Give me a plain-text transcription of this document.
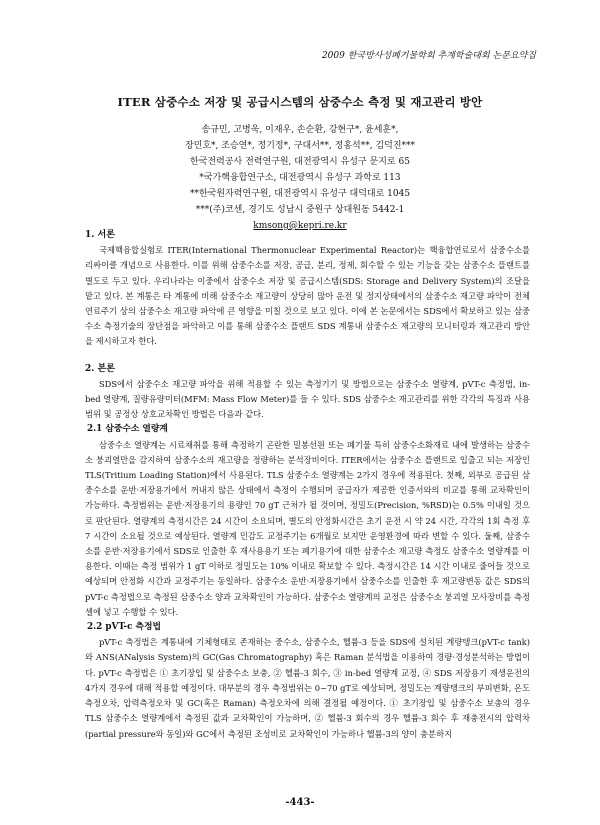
2009 한국방사성폐기물학회 추계학술대회 논문요약집
ITER 삼중수소 저장 및 공급시스템의 삼중수소 측정 및 재고관리 방안
송규민, 고병욱, 이재우, 손순환, 강현구*, 윤세훈*,
장민호*, 조승연*, 정기정*, 구대서**, 정홍석**, 김덕진***
한국전력공사 전력연구원, 대전광역시 유성구 문지로 65
*국가핵융합연구소, 대전광역시 유성구 과학로 113
**한국원자력연구원, 대전광역시 유성구 대덕대로 1045
***(주)코센, 경기도 성남시 중원구 상대원동 5442-1
kmsong@kepri.re.kr
1. 서론

국제핵융합실험로 ITER(International Thermonuclear Experimental Reactor)는 핵융합연료로서 삼중수소를 리싸이클 개념으로 사용한다. 이를 위해 삼중수소를 저장, 공급, 분리, 정제, 회수할 수 있는 기능을 갖는 삼중수소 플랜트를 별도로 두고 있다. 우리나라는 이중에서 삼중수소 저장 및 공급시스템(SDS: Storage and Delivery System)의 조달을 맡고 있다. 본 계통은 타 계통에 비해 삼중수소 재고량이 상당히 많아 운전 및 정지상태에서의 삼중수소 재고량 파악이 전체 연료주기 상의 삼중수소 재고량 파악에 큰 영향을 미칠 것으로 보고 있다. 이에 본 논문에서는 SDS에서 확보하고 있는 삼중수소 측정기술의 장단점을 파악하고 이를 통해 삼중수소 플랜트 SDS 계통내 삼중수소 재고량의 모니터링과 재고관리 방안을 제시하고자 한다.

2. 본론

SDS에서 삼중수소 재고량 파악을 위해 적용할 수 있는 측정기기 및 방법으로는 삼중수소 열량계, pVT-c 측정법, in-bed 열량계, 질량유량미터(MFM: Mass Flow Meter)를 들 수 있다. SDS 삼중수소 재고관리를 위한 각각의 특징과 사용 범위 및 공정상 상호교차확인 방법은 다음과 같다.

2.1 삼중수소 열량계

삼중수소 열량계는 시료채취를 통해 측정하기 곤란한 밀봉선원 또는 폐기물 특히 삼중수소화재료 내에 발생하는 삼중수소 붕괴열만을 감지하여 삼중수소의 재고량을 정량하는 분석장비이다. ITER에서는 삼중수소 플랜트로 입출고 되는 저장인 TLS(Tritium Loading Station)에서 사용된다. TLS 삼중수소 열량계는 2가지 경우에 적용된다. 첫째, 외부로 공급된 삼중수소를 운반·저장용기에서 꺼내지 않은 상태에서 측정이 수행되며 공급자가 제공한 인증서와의 비교를 통해 교차확인이 가능하다. 측정범위는 운반·저장용기의 용량인 70 gT 근처가 될 것이며, 정밀도(Precision, %RSD)는 0.5% 이내일 것으로 판단된다. 열량계의 측정시간은 24 시간이 소요되며, 별도의 안정화시간은 초기 운전 시 약 24 시간, 각각의 1회 측정 후 7 시간이 소요될 것으로 예상된다. 열량계 민감도 교정주기는 6개월로 보지만 운영환경에 따라 변할 수 있다. 둘째, 삼중수소를 운반·저장용기에서 SDS로 인출한 후 재사용용기 또는 폐기용기에 대한 삼중수소 재고량 측정도 삼중수소 열량계를 이용한다. 이때는 측정 범위가 1 gT 이하로 정밀도는 10% 이내로 확보할 수 있다. 측정시간은 14 시간 이내로 줄어들 것으로 예상되며 안정화 시간과 교정주기는 동일하다. 삼중수소 운반·저장용기에서 삼중수소를 인출한 후 재고량변동 값은 SDS의 pVT-c 측정법으로 측정된 삼중수소 양과 교차확인이 가능하다. 삼중수소 열량계의 교정은 삼중수소 붕괴열 모사장비를 측정셀에 넣고 수행할 수 있다.

2.2 pVT-c 측정법

pVT-c 측정법은 계통내에 기체형태로 존재하는 중수소, 삼중수소, 헬륨-3 등을 SDS에 설치된 계량탱크(pVT-c tank)와 ANS(ANalysis System)의 GC(Gas Chromatography) 혹은 Raman 분석법을 이용하여 경량·경성분석하는 방법이다. pVT-c 측정법은 ① 초기장입 및 삼중수소 보충, ② 헬륨-3 회수, ③ in-bed 열량계 교정, ④ SDS 저장용기 재생운전의 4가지 경우에 대해 적용할 예정이다. 대부분의 경우 측정범위는 0~70 gT로 예상되며, 정밀도는 계량탱크의 부피변화, 온도측정오차, 압력측정오차 및 GC(혹은 Raman) 측정오차에 의해 결정될 예정이다. ① 초기장입 및 삼중수소 보충의 경우 TLS 삼중수소 열량계에서 측정된 값과 교차확인이 가능하며, ② 헬륨-3 회수의 경우 헬륨-3 회수 후 재충전시의 압력차(partial pressure와 동일)와 GC에서 측정된 조성비로 교차확인이 가능하나 헬륨-3의 양이 충분하지

-443-
